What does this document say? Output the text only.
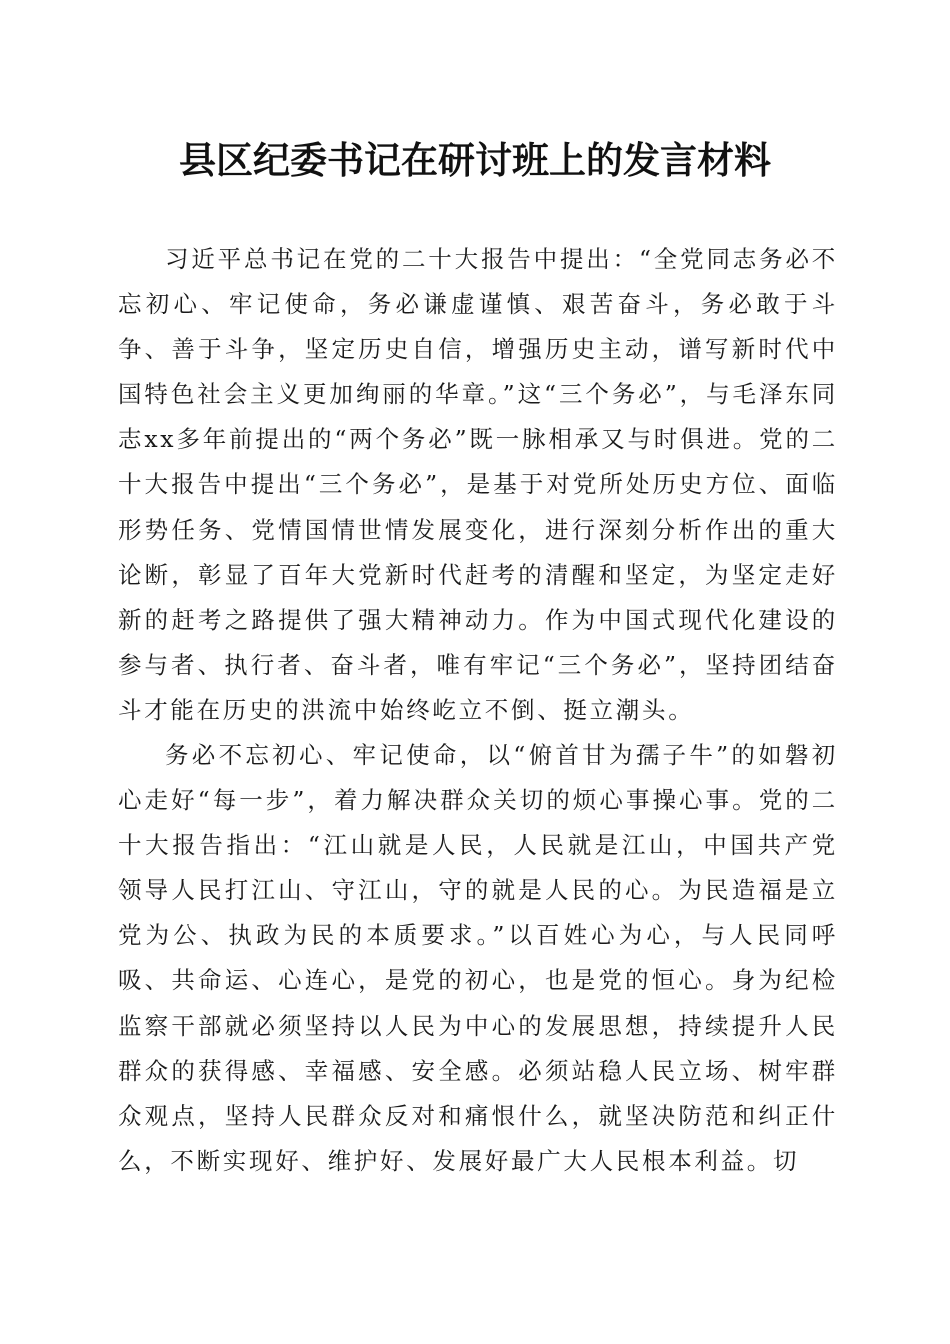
县区纪委书记在研讨班上的发言材料

习近平总书记在党的二十大报告中提出：“全党同志务必不忘初心、牢记使命，务必谦虚谨慎、艰苦奋斗，务必敢于斗争、善于斗争，坚定历史自信，增强历史主动，谱写新时代中国特色社会主义更加绚丽的华章。”这“三个务必”，与毛泽东同志xx多年前提出的“两个务必”既一脉相承又与时俱进。党的二十大报告中提出“三个务必”，是基于对党所处历史方位、面临形势任务、党情国情世情发展变化，进行深刻分析作出的重大论断，彰显了百年大党新时代赶考的清醒和坚定，为坚定走好新的赶考之路提供了强大精神动力。作为中国式现代化建设的参与者、执行者、奋斗者，唯有牢记“三个务必”，坚持团结奋斗才能在历史的洪流中始终屹立不倒、挺立潮头。

务必不忘初心、牢记使命，以“俯首甘为孺子牛”的如磐初心走好“每一步”，着力解决群众关切的烦心事操心事。党的二十大报告指出：“江山就是人民，人民就是江山，中国共产党领导人民打江山、守江山，守的就是人民的心。为民造福是立党为公、执政为民的本质要求。”以百姓心为心，与人民同呼吸、共命运、心连心，是党的初心，也是党的恒心。身为纪检监察干部就必须坚持以人民为中心的发展思想，持续提升人民群众的获得感、幸福感、安全感。必须站稳人民立场、树牢群众观点，坚持人民群众反对和痛恨什么，就坚决防范和纠正什么，不断实现好、维护好、发展好最广大人民根本利益。切
